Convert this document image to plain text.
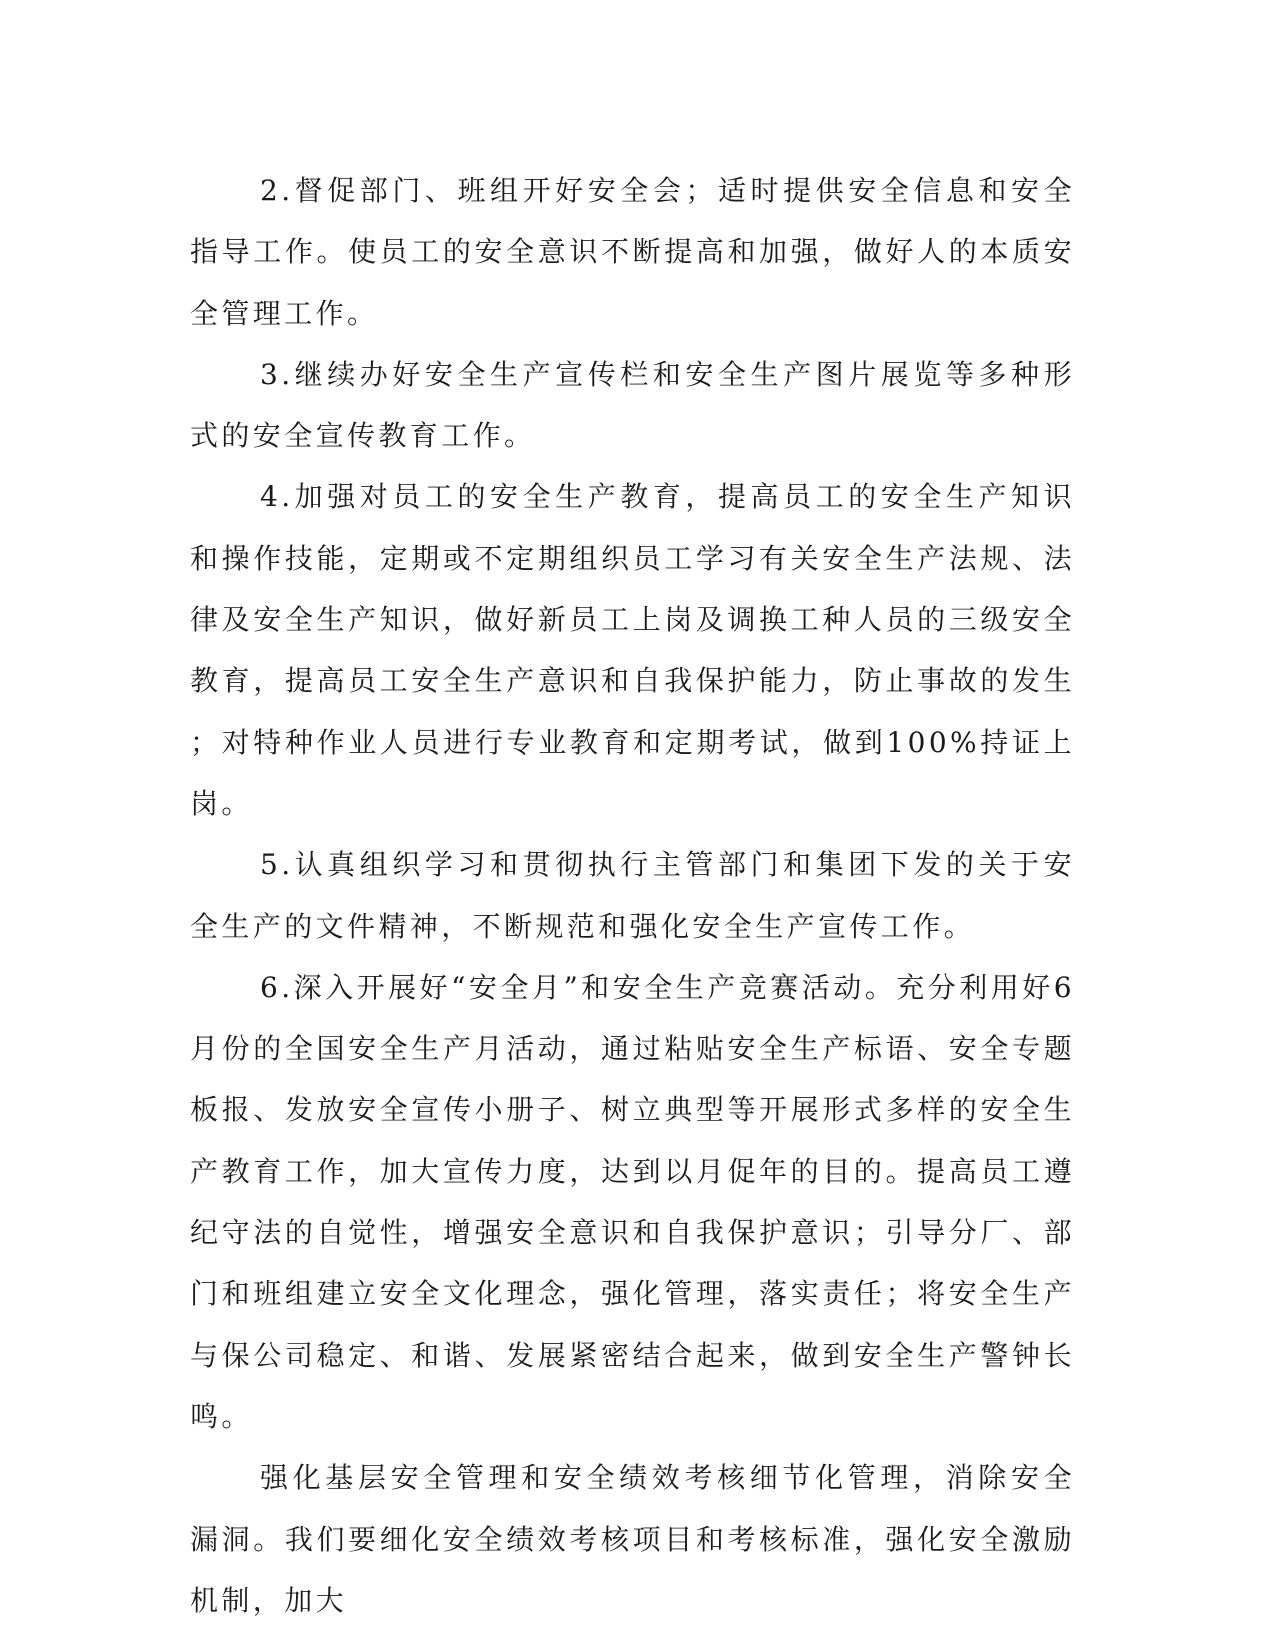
2.督促部门、班组开好安全会；适时提供安全信息和安全指导工作。使员工的安全意识不断提高和加强，做好人的本质安全管理工作。

3.继续办好安全生产宣传栏和安全生产图片展览等多种形式的安全宣传教育工作。

4.加强对员工的安全生产教育，提高员工的安全生产知识和操作技能，定期或不定期组织员工学习有关安全生产法规、法律及安全生产知识，做好新员工上岗及调换工种人员的三级安全教育，提高员工安全生产意识和自我保护能力，防止事故的发生；对特种作业人员进行专业教育和定期考试，做到100%持证上岗。

5.认真组织学习和贯彻执行主管部门和集团下发的关于安全生产的文件精神，不断规范和强化安全生产宣传工作。

6.深入开展好“安全月”和安全生产竞赛活动。充分利用好6月份的全国安全生产月活动，通过粘贴安全生产标语、安全专题板报、发放安全宣传小册子、树立典型等开展形式多样的安全生产教育工作，加大宣传力度，达到以月促年的目的。提高员工遵纪守法的自觉性，增强安全意识和自我保护意识；引导分厂、部门和班组建立安全文化理念，强化管理，落实责任；将安全生产与保公司稳定、和谐、发展紧密结合起来，做到安全生产警钟长鸣。

强化基层安全管理和安全绩效考核细节化管理，消除安全漏洞。我们要细化安全绩效考核项目和考核标准，强化安全激励机制，加大
